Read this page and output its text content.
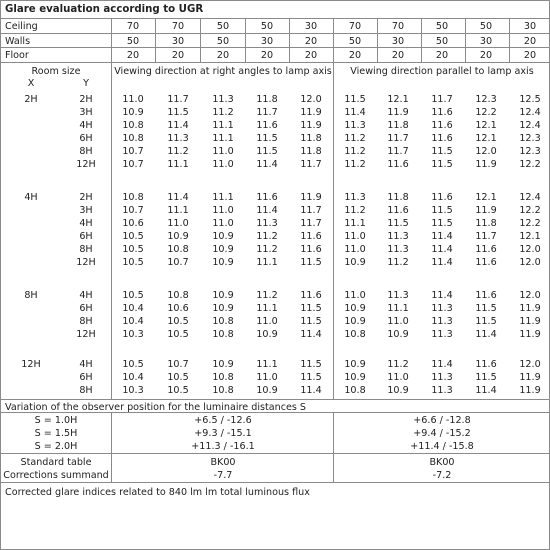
Glare evaluation according to UGR
Room size	Viewing direction at right angles to lamp axis	Viewing direction parallel to lamp axis
X	Y
Variation of the observer position for the luminaire distances S
S = 1.0H	+6.5 / -12.6	+6.6 / -12.8
S = 1.5H	+9.3 / -15.1	+9.4 / -15.2
S = 2.0H	+11.3 / -16.1	+11.4 / -15.8
Standard table	BK00	BK00
Corrections summand	-7.7	-7.2
Corrected glare indices related to 840 lm lm total luminous flux
Ceiling	70	70	50	50	30	70	70	50	50	30
Walls	50	30	50	30	20	50	30	50	30	20
Floor	20	20	20	20	20	20	20	20	20	20
2H	2H	11.0	11.7	11.3	11.8	12.0	11.5	12.1	11.7	12.3	12.5
3H	10.9	11.5	11.2	11.7	11.9	11.4	11.9	11.6	12.2	12.4
4H	10.8	11.4	11.1	11.6	11.9	11.3	11.8	11.6	12.1	12.4
6H	10.8	11.3	11.1	11.5	11.8	11.2	11.7	11.6	12.1	12.3
8H	10.7	11.2	11.0	11.5	11.8	11.2	11.7	11.5	12.0	12.3
12H	10.7	11.1	11.0	11.4	11.7	11.2	11.6	11.5	11.9	12.2
4H	2H	10.8	11.4	11.1	11.6	11.9	11.3	11.8	11.6	12.1	12.4
3H	10.7	11.1	11.0	11.4	11.7	11.2	11.6	11.5	11.9	12.2
4H	10.6	11.0	11.0	11.3	11.7	11.1	11.5	11.5	11.8	12.2
6H	10.5	10.9	10.9	11.2	11.6	11.0	11.3	11.4	11.7	12.1
8H	10.5	10.8	10.9	11.2	11.6	11.0	11.3	11.4	11.6	12.0
12H	10.5	10.7	10.9	11.1	11.5	10.9	11.2	11.4	11.6	12.0
8H	4H	10.5	10.8	10.9	11.2	11.6	11.0	11.3	11.4	11.6	12.0
6H	10.4	10.6	10.9	11.1	11.5	10.9	11.1	11.3	11.5	11.9
8H	10.4	10.5	10.8	11.0	11.5	10.9	11.0	11.3	11.5	11.9
12H	10.3	10.5	10.8	10.9	11.4	10.8	10.9	11.3	11.4	11.9
12H	4H	10.5	10.7	10.9	11.1	11.5	10.9	11.2	11.4	11.6	12.0
6H	10.4	10.5	10.8	11.0	11.5	10.9	11.0	11.3	11.5	11.9
8H	10.3	10.5	10.8	10.9	11.4	10.8	10.9	11.3	11.4	11.9
